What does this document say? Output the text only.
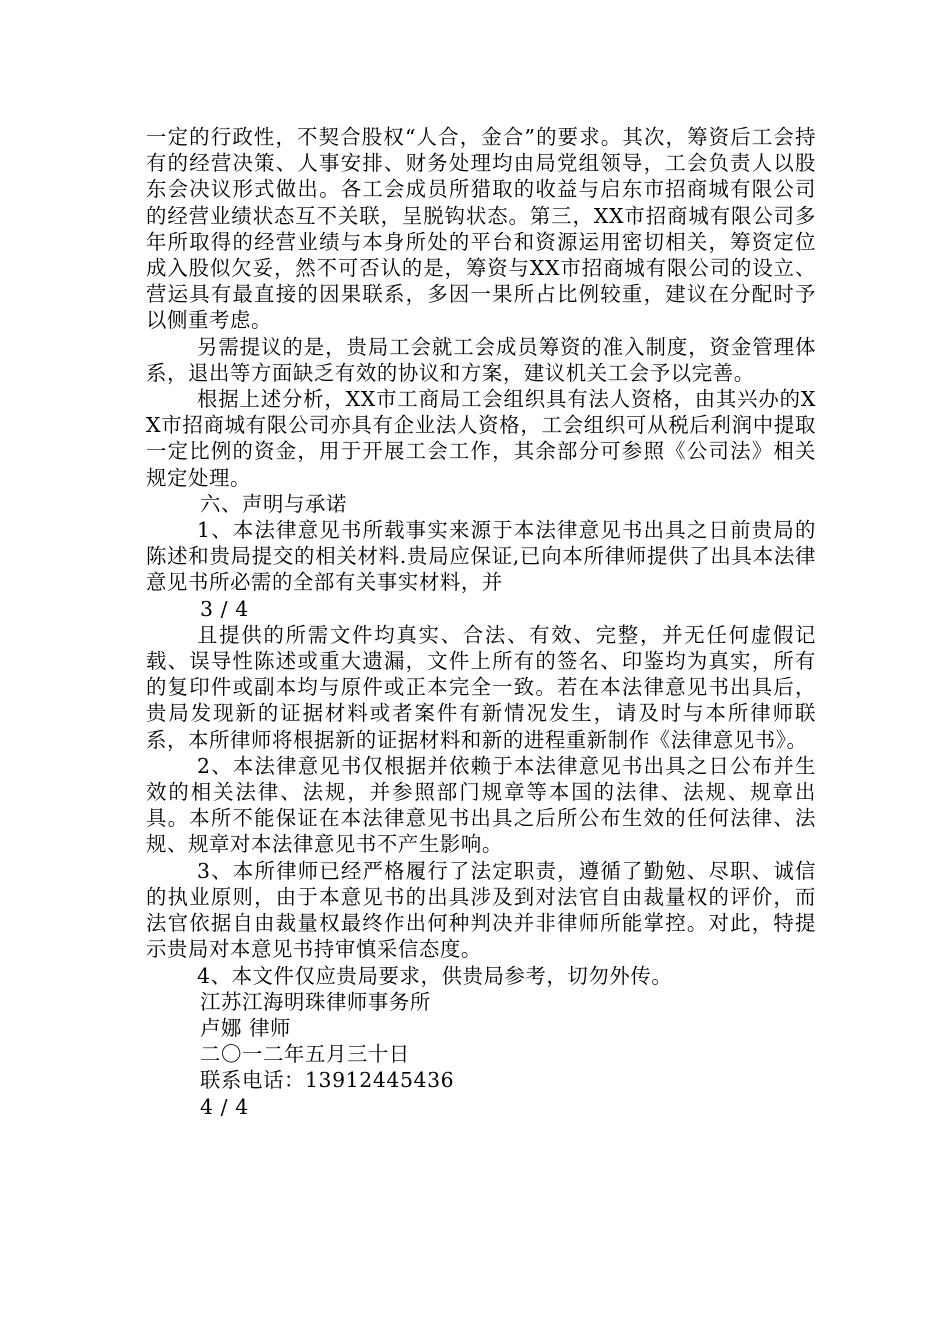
一定的行政性，不契合股权“人合，金合”的要求。其次，筹资后工会持有的经营决策、人事安排、财务处理均由局党组领导，工会负责人以股东会决议形式做出。各工会成员所猎取的收益与启东市招商城有限公司的经营业绩状态互不关联，呈脱钩状态。第三，XX市招商城有限公司多年所取得的经营业绩与本身所处的平台和资源运用密切相关，筹资定位成入股似欠妥，然不可否认的是，筹资与XX市招商城有限公司的设立、营运具有最直接的因果联系，多因一果所占比例较重，建议在分配时予以侧重考虑。

另需提议的是，贵局工会就工会成员筹资的准入制度，资金管理体系，退出等方面缺乏有效的协议和方案，建议机关工会予以完善。

根据上述分析，XX市工商局工会组织具有法人资格，由其兴办的XX市招商城有限公司亦具有企业法人资格，工会组织可从税后利润中提取一定比例的资金，用于开展工会工作，其余部分可参照《公司法》相关规定处理。

六、声明与承诺

1、本法律意见书所载事实来源于本法律意见书出具之日前贵局的陈述和贵局提交的相关材料.贵局应保证,已向本所律师提供了出具本法律意见书所必需的全部有关事实材料，并

3 / 4

且提供的所需文件均真实、合法、有效、完整，并无任何虚假记载、误导性陈述或重大遗漏，文件上所有的签名、印鉴均为真实，所有的复印件或副本均与原件或正本完全一致。若在本法律意见书出具后，贵局发现新的证据材料或者案件有新情况发生，请及时与本所律师联系，本所律师将根据新的证据材料和新的进程重新制作《法律意见书》。

2、本法律意见书仅根据并依赖于本法律意见书出具之日公布并生效的相关法律、法规，并参照部门规章等本国的法律、法规、规章出具。本所不能保证在本法律意见书出具之后所公布生效的任何法律、法规、规章对本法律意见书不产生影响。

3、本所律师已经严格履行了法定职责，遵循了勤勉、尽职、诚信的执业原则，由于本意见书的出具涉及到对法官自由裁量权的评价，而法官依据自由裁量权最终作出何种判决并非律师所能掌控。对此，特提示贵局对本意见书持审慎采信态度。

4、本文件仅应贵局要求，供贵局参考，切勿外传。

江苏江海明珠律师事务所

卢娜 律师

二〇一二年五月三十日

联系电话：13912445436

4 / 4
